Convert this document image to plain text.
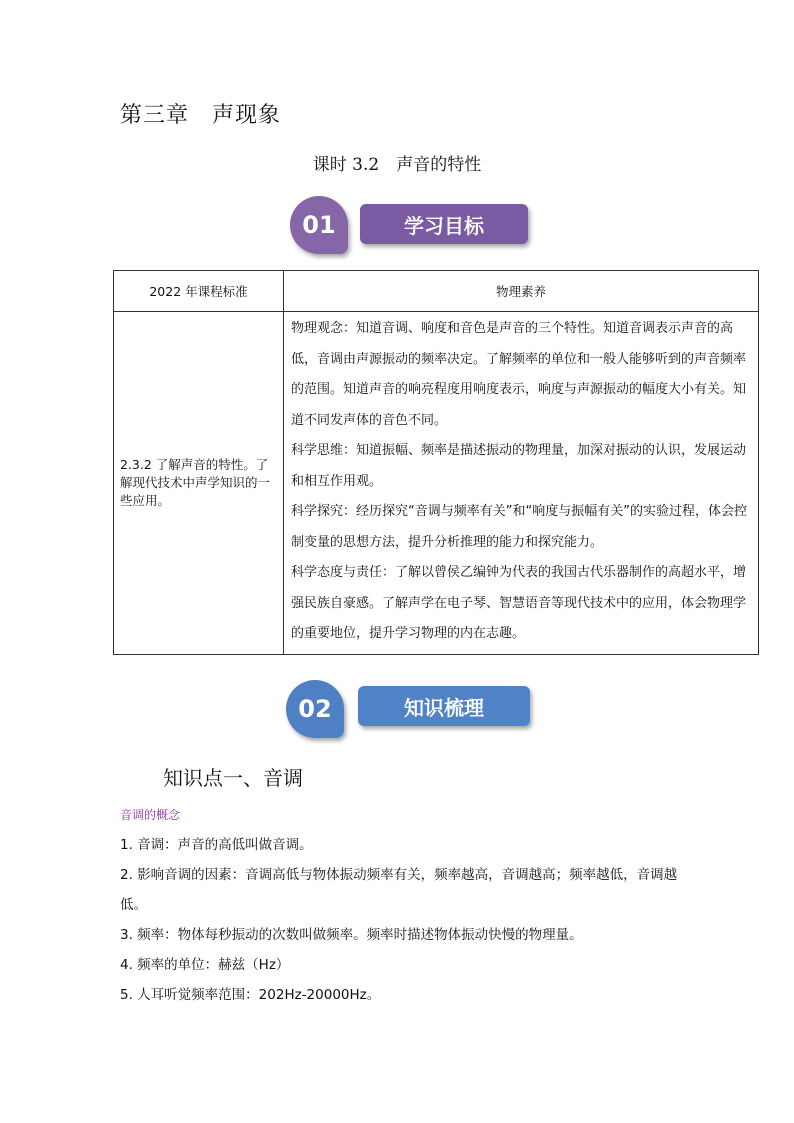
第三章　声现象
课时 3.2　声音的特性
01	学习目标
2022 年课程标准	物理素养
2.3.2 了解声音的特性。了解现代技术中声学知识的一些应用。	物理观念：知道音调、响度和音色是声音的三个特性。知道音调表示声音的高低，音调由声源振动的频率决定。了解频率的单位和一般人能够听到的声音频率的范围。知道声音的响亮程度用响度表示，响度与声源振动的幅度大小有关。知道不同发声体的音色不同。

科学思维：知道振幅、频率是描述振动的物理量，加深对振动的认识，发展运动和相互作用观。

科学探究：经历探究“音调与频率有关”和“响度与振幅有关”的实验过程，体会控制变量的思想方法，提升分析推理的能力和探究能力。

科学态度与责任：了解以曾侯乙编钟为代表的我国古代乐器制作的高超水平，增强民族自豪感。了解声学在电子琴、智慧语音等现代技术中的应用，体会物理学的重要地位，提升学习物理的内在志趣。

02	知识梳理
知识点一、音调
音调的概念

1. 音调：声音的高低叫做音调。

2. 影响音调的因素：音调高低与物体振动频率有关，频率越高，音调越高；频率越低，音调越低。

3. 频率：物体每秒振动的次数叫做频率。频率时描述物体振动快慢的物理量。

4. 频率的单位：赫兹（Hz）

5. 人耳听觉频率范围：202Hz-20000Hz。
